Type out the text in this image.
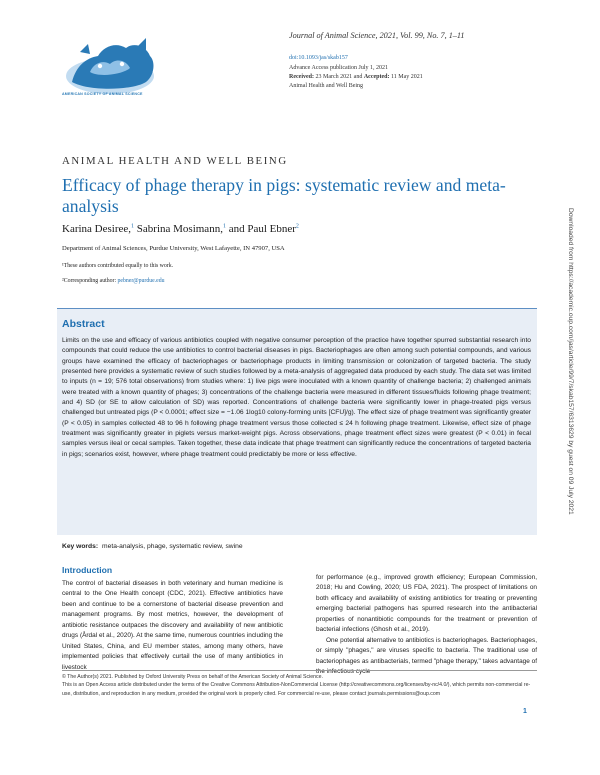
AMERICAN SOCIETY OF ANIMAL SCIENCE
Journal of Animal Science, 2021, Vol. 99, No. 7, 1–11
doi:10.1093/jas/skab157
Advance Access publication July 1, 2021
Received: 23 March 2021 and Accepted: 11 May 2021
Animal Health and Well Being
ANIMAL HEALTH AND WELL BEING
Efficacy of phage therapy in pigs: systematic review and meta-analysis
Karina Desiree,$^1$ Sabrina Mosimann,$^1$ and Paul Ebner$^2$
Department of Animal Sciences, Purdue University, West Lafayette, IN 47907, USA
¹These authors contributed equally to this work.
²Corresponding author: pebner@purdue.edu
Abstract
Limits on the use and efficacy of various antibiotics coupled with negative consumer perception of the practice have together spurred substantial research into compounds that could reduce the use antibiotics to control bacterial diseases in pigs. Bacteriophages are often among such potential compounds, and various groups have examined the efficacy of bacteriophages or bacteriophage products in limiting transmission or colonization of targeted bacteria. The study presented here provides a systematic review of such studies followed by a meta-analysis of aggregated data produced by each study. The data set was limited to inputs (n = 19; 576 total observations) from studies where: 1) live pigs were inoculated with a known quantity of challenge bacteria; 2) challenged animals were treated with a known quantity of phages; 3) concentrations of the challenge bacteria were measured in different tissues/fluids following phage treatment; and 4) SD (or SE to allow calculation of SD) was reported. Concentrations of challenge bacteria were significantly lower in phage-treated pigs versus challenged but untreated pigs (P < 0.0001; effect size = −1.06 1log10 colony-forming units [CFU]/g). The effect size of phage treatment was significantly greater (P < 0.05) in samples collected 48 to 96 h following phage treatment versus those collected ≤ 24 h following phage treatment. Likewise, effect size of phage treatment was significantly greater in piglets versus market-weight pigs. Across observations, phage treatment effect sizes were greatest (P < 0.01) in fecal samples versus ileal or cecal samples. Taken together, these data indicate that phage treatment can significantly reduce the concentrations of targeted bacteria in pigs; scenarios exist, however, where phage treatment could predictably be more or less effective.
Key words: meta-analysis, phage, systematic review, swine
Introduction

The control of bacterial diseases in both veterinary and human medicine is central to the One Health concept (CDC, 2021). Effective antibiotics have been and continue to be a cornerstone of bacterial disease prevention and management programs. By most metrics, however, the development of antibiotic resistance outpaces the discovery and availability of new antibiotic drugs (Årdal et al., 2020). At the same time, numerous countries including the United States, China, and EU member states, among many others, have implemented policies that effectively curtail the use of many antibiotics in livestock

for performance (e.g., improved growth efficiency; European Commission, 2018; Hu and Cowling, 2020; US FDA, 2021). The prospect of limitations on both efficacy and availability of existing antibiotics for treating or preventing emerging bacterial pathogens has spurred research into the antibacterial properties of nonantibiotic compounds for the treatment or prevention of bacterial infections (Ghosh et al., 2019).

One potential alternative to antibiotics is bacteriophages. Bacteriophages, or simply "phages," are viruses specific to bacteria. The traditional use of bacteriophages as antibacterials, termed "phage therapy," takes advantage of the infectious cycle

© The Author(s) 2021. Published by Oxford University Press on behalf of the American Society of Animal Science.
This is an Open Access article distributed under the terms of the Creative Commons Attribution-NonCommercial License (http://creativecommons.org/licenses/by-nc/4.0/), which permits non-commercial re-use, distribution, and reproduction in any medium, provided the original work is properly cited. For commercial re-use, please contact journals.permissions@oup.com
1
Downloaded from https://academic.oup.com/jas/article/99/7/skab157/6313629 by guest on 09 July 2021
